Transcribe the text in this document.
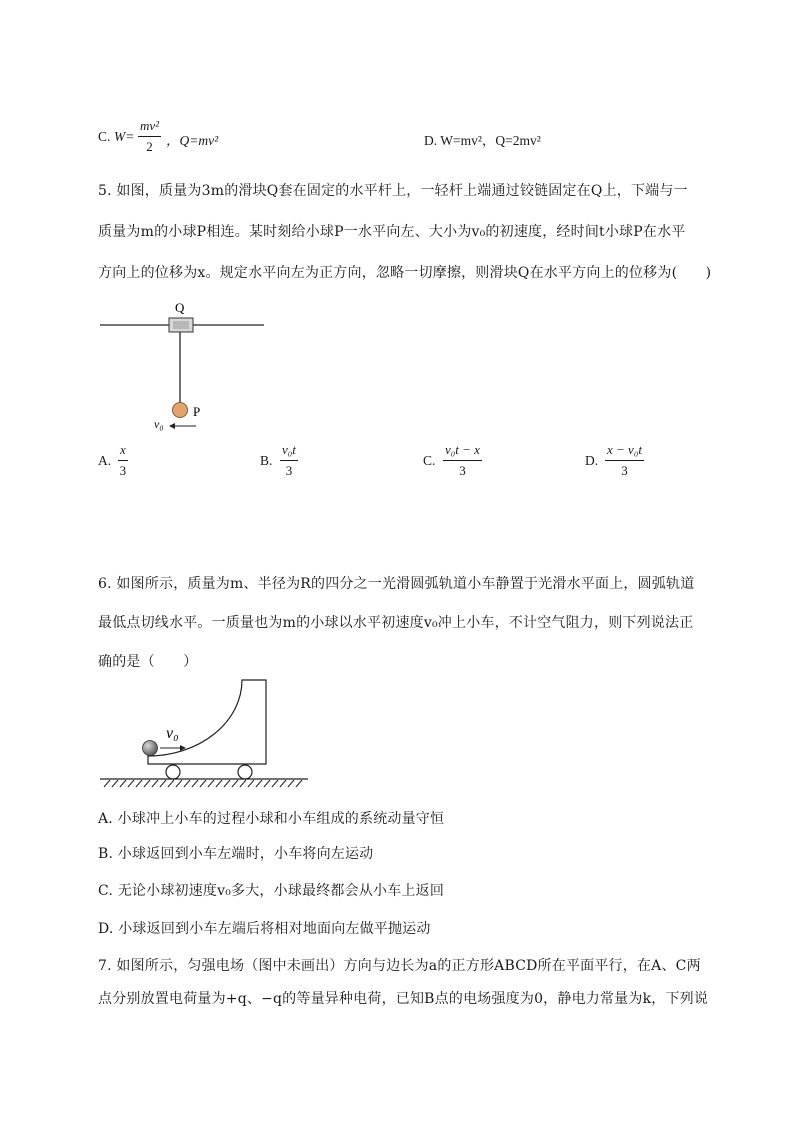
C. W=
mv²
2 ，Q=mv²	D. W=mv²，Q=2mv²
5. 如图，质量为3m的滑块Q套在固定的水平杆上，一轻杆上端通过铰链固定在Q上，下端与一
质量为m的小球P相连。某时刻给小球P一水平向左、大小为v₀的初速度，经时间t小球P在水平
方向上的位移为x。规定水平向左为正方向，忽略一切摩擦，则滑块Q在水平方向上的位移为(　　)
Q
P
v₀
A.
x
3
B.
v₀t
3
C.
v₀t − x
3
D.
x − v₀t
3
6. 如图所示，质量为m、半径为R的四分之一光滑圆弧轨道小车静置于光滑水平面上，圆弧轨道
最低点切线水平。一质量也为m的小球以水平初速度v₀冲上小车，不计空气阻力，则下列说法正
确的是（　　）
v₀
A. 小球冲上小车的过程小球和小车组成的系统动量守恒
B. 小球返回到小车左端时，小车将向左运动
C. 无论小球初速度v₀多大，小球最终都会从小车上返回
D. 小球返回到小车左端后将相对地面向左做平抛运动
7. 如图所示，匀强电场（图中未画出）方向与边长为a的正方形ABCD所在平面平行，在A、C两
点分别放置电荷量为+q、−q的等量异种电荷，已知B点的电场强度为0，静电力常量为k，下列说
